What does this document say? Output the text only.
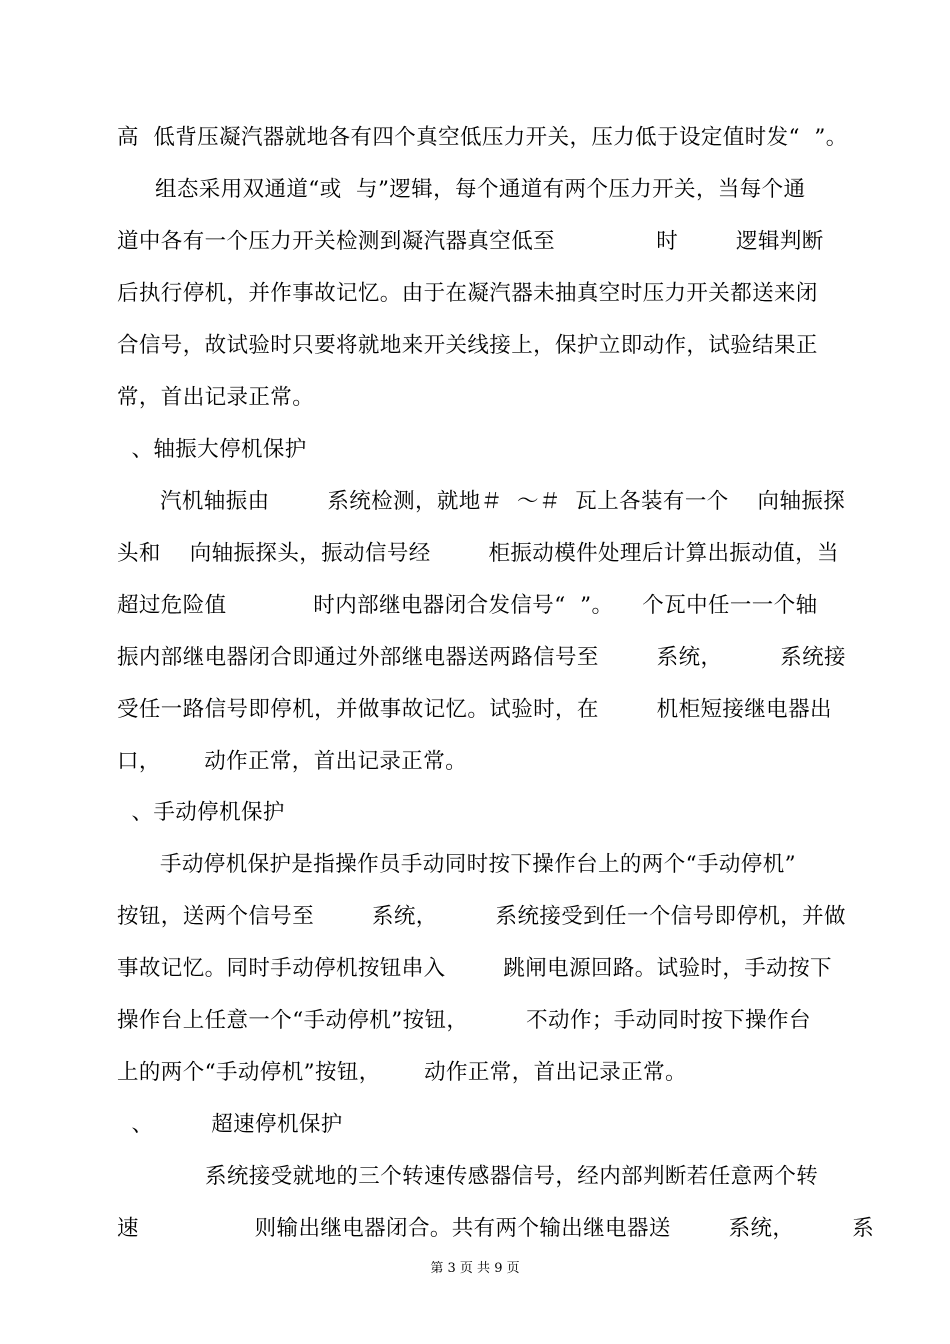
高  低背压凝汽器就地各有四个真空低压力开关，压力低于设定值时发“  ”。
组态采用双通道“或  与”逻辑，每个通道有两个压力开关，当每个通
道中各有一个压力开关检测到凝汽器真空低至              时        逻辑判断
后执行停机，并作事故记忆。由于在凝汽器未抽真空时压力开关都送来闭
合信号，故试验时只要将就地来开关线接上，保护立即动作，试验结果正
常，首出记录正常。
、轴振大停机保护
汽机轴振由        系统检测，就地＃  ～＃  瓦上各装有一个    向轴振探
头和    向轴振探头，振动信号经        柜振动模件处理后计算出振动值，当
超过危险值            时内部继电器闭合发信号“  ”。    个瓦中任一一个轴
振内部继电器闭合即通过外部继电器送两路信号至        系统，        系统接
受任一路信号即停机，并做事故记忆。试验时，在        机柜短接继电器出
口，      动作正常，首出记录正常。
、手动停机保护
手动停机保护是指操作员手动同时按下操作台上的两个“手动停机”
按钮，送两个信号至        系统，        系统接受到任一个信号即停机，并做
事故记忆。同时手动停机按钮串入        跳闸电源回路。试验时，手动按下
操作台上任意一个“手动停机”按钮，        不动作；手动同时按下操作台
上的两个“手动停机”按钮，      动作正常，首出记录正常。
、        超速停机保护
系统接受就地的三个转速传感器信号，经内部判断若任意两个转
速                则输出继电器闭合。共有两个输出继电器送        系统，        系
第 3 页 共 9 页
